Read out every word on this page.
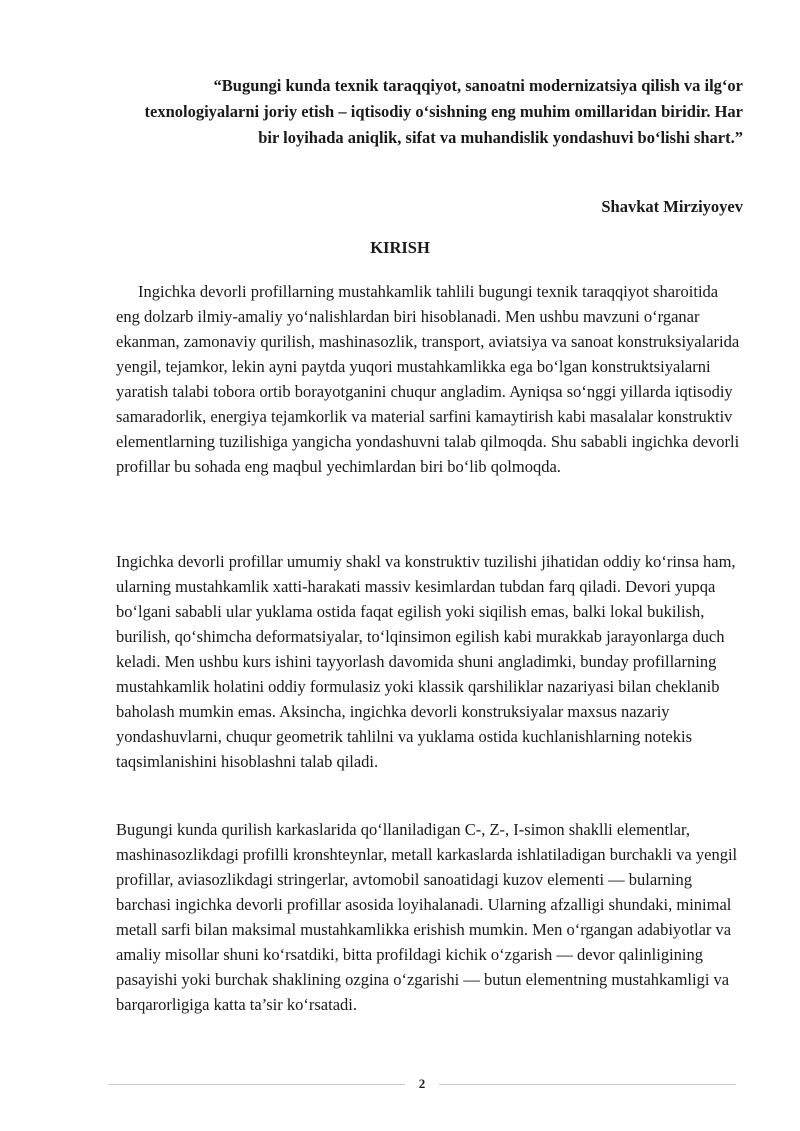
“Bugungi kunda texnik taraqqiyot, sanoatni modernizatsiya qilish va ilg‘or texnologiyalarni joriy etish – iqtisodiy o‘sishning eng muhim omillaridan biridir. Har bir loyihada aniqlik, sifat va muhandislik yondashuvi bo‘lishi shart.”

Shavkat Mirziyoyev

KIRISH

Ingichka devorli profillarning mustahkamlik tahlili bugungi texnik taraqqiyot sharoitida eng dolzarb ilmiy-amaliy yo‘nalishlardan biri hisoblanadi. Men ushbu mavzuni o‘rganar ekanman, zamonaviy qurilish, mashinasozlik, transport, aviatsiya va sanoat konstruksiyalarida yengil, tejamkor, lekin ayni paytda yuqori mustahkamlikka ega bo‘lgan konstruktsiyalarni yaratish talabi tobora ortib borayotganini chuqur angladim. Ayniqsa so‘nggi yillarda iqtisodiy samaradorlik, energiya tejamkorlik va material sarfini kamaytirish kabi masalalar konstruktiv elementlarning tuzilishiga yangicha yondashuvni talab qilmoqda. Shu sababli ingichka devorli profillar bu sohada eng maqbul yechimlardan biri bo‘lib qolmoqda.

Ingichka devorli profillar umumiy shakl va konstruktiv tuzilishi jihatidan oddiy ko‘rinsa ham, ularning mustahkamlik xatti-harakati massiv kesimlardan tubdan farq qiladi. Devori yupqa bo‘lgani sababli ular yuklama ostida faqat egilish yoki siqilish emas, balki lokal bukilish, burilish, qo‘shimcha deformatsiyalar, to‘lqinsimon egilish kabi murakkab jarayonlarga duch keladi. Men ushbu kurs ishini tayyorlash davomida shuni angladimki, bunday profillarning mustahkamlik holatini oddiy formulasiz yoki klassik qarshiliklar nazariyasi bilan cheklanib baholash mumkin emas. Aksincha, ingichka devorli konstruksiyalar maxsus nazariy yondashuvlarni, chuqur geometrik tahlilni va yuklama ostida kuchlanishlarning notekis taqsimlanishini hisoblashni talab qiladi.

Bugungi kunda qurilish karkaslarida qo‘llaniladigan C-, Z-, I-simon shaklli elementlar, mashinasozlikdagi profilli kronshteynlar, metall karkaslarda ishlatiladigan burchakli va yengil profillar, aviasozlikdagi stringerlar, avtomobil sanoatidagi kuzov elementi — bularning barchasi ingichka devorli profillar asosida loyihalanadi. Ularning afzalligi shundaki, minimal metall sarfi bilan maksimal mustahkamlikka erishish mumkin. Men o‘rgangan adabiyotlar va amaliy misollar shuni ko‘rsatdiki, bitta profildagi kichik o‘zgarish — devor qalinligining pasayishi yoki burchak shaklining ozgina o‘zgarishi — butun elementning mustahkamligi va barqarorligiga katta ta’sir ko‘rsatadi.

2
